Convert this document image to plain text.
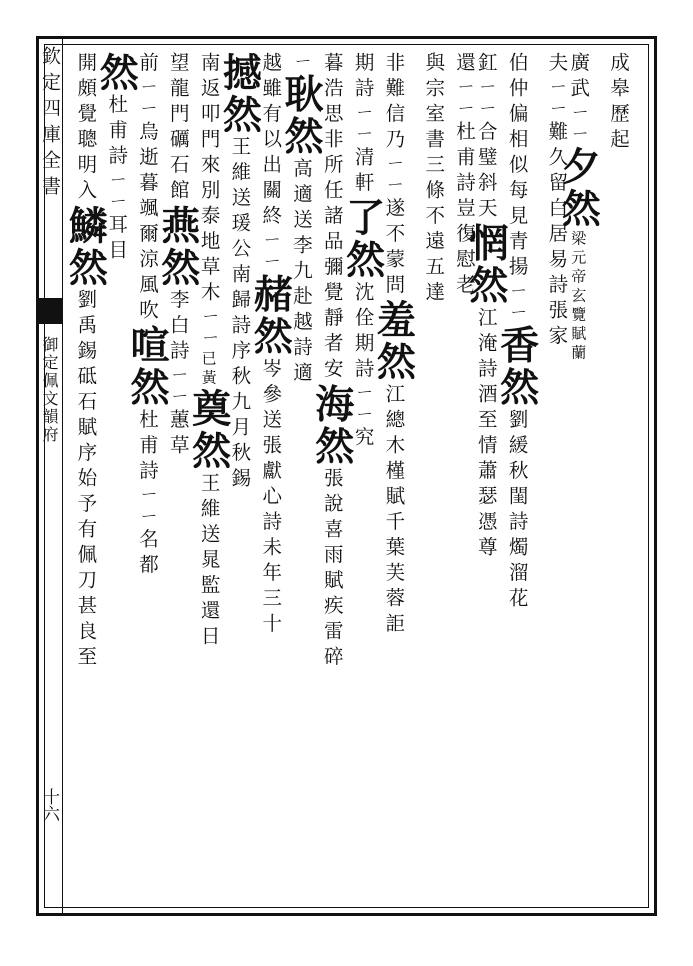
欽定四庫全書
御定佩文韻府
十六
成皋歷起
廣武ㄧㄧ夕然梁元帝玄覽賦蘭
夫ㄧㄧ難久留白居易詩張家
伯仲偏相似每見青揚ㄧㄧ香然劉緩秋閨詩燭溜花
釭ㄧㄧ合璧斜天惘然江淹詩酒至情蕭瑟憑尊
還ㄧㄧ杜甫詩豈復慰老
與宗室書三條不遠五達
非難信乃ㄧㄧ遂不蒙問羞然江總木槿賦千葉芙蓉詎
期詩ㄧㄧ清軒了然沈佺期詩ㄧㄧ究
暮浩思非所任諸品彌覺靜者安海然張說喜雨賦疾雷碎
ㄧ耿然高適送李九赴越詩適
越雖有以出關終ㄧㄧ赭然岑參送張獻心詩未年三十
撼然王維送瑗公南歸詩序秋九月秋錫
南返叩門來別泰地草木ㄧㄧ已黃奠然王維送晁監還日
望龍門礪石館燕然李白詩ㄧㄧ蕙草
前ㄧㄧ烏逝暮颯爾涼風吹喧然杜甫詩ㄧㄧ名都
然杜甫詩ㄧㄧ耳目
開頗覺聰明入鱗然劉禹錫砥石賦序始予有佩刀甚良至
